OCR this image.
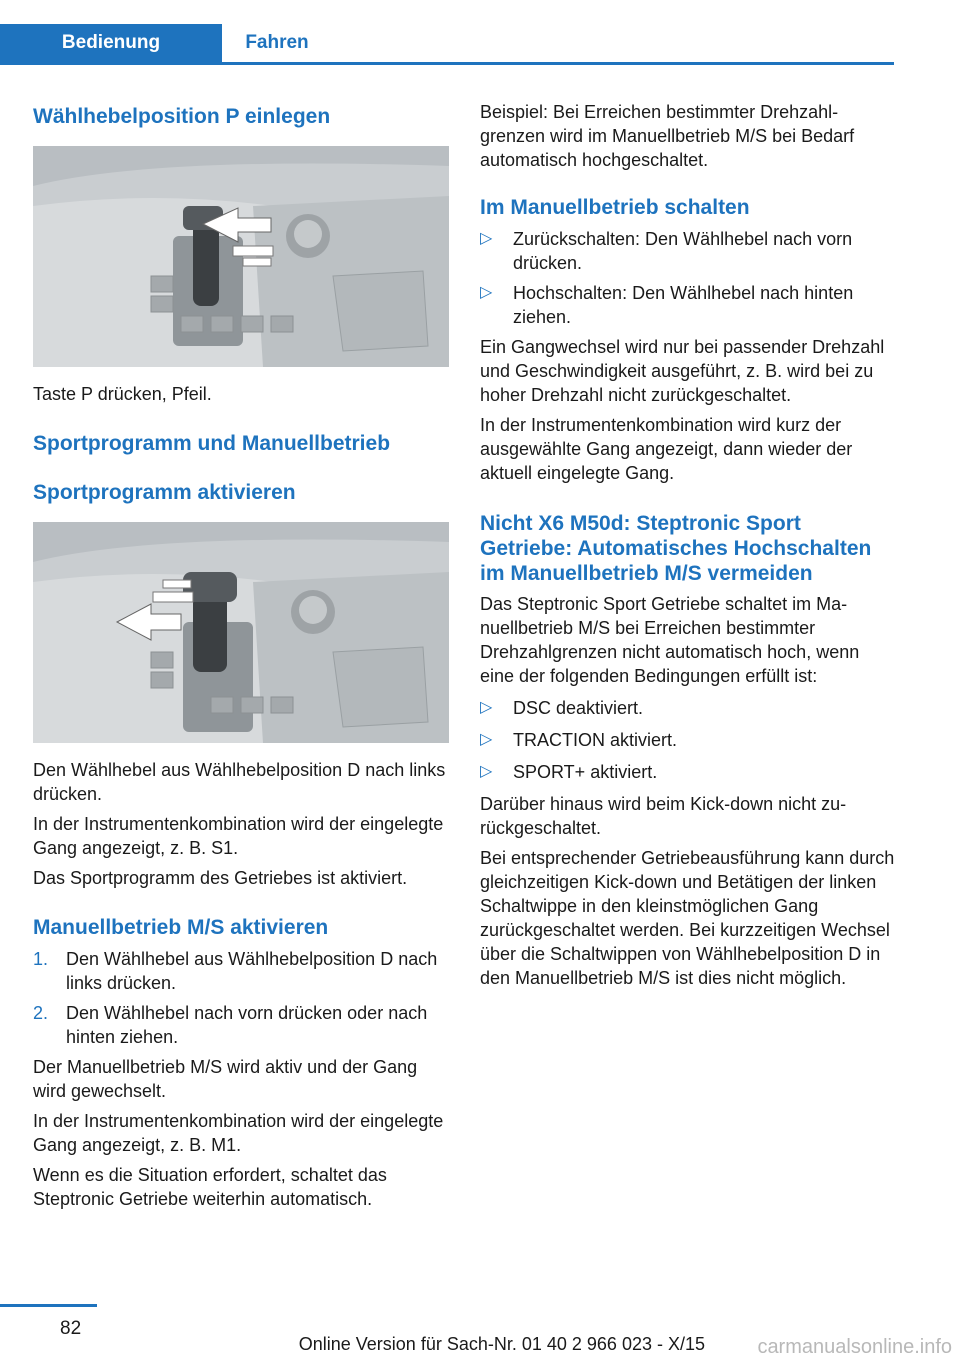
Bedienung	Fahren
Wählhebelposition P einlegen

Taste P drücken, Pfeil.

Sportprogramm und Manuellbetrieb
Sportprogramm aktivieren

Den Wählhebel aus Wählhebelposition D nach links drücken.

In der Instrumentenkombination wird der eingelegte Gang angezeigt, z. B. S1.

Das Sportprogramm des Getriebes ist aktiviert.

Manuellbetrieb M/S aktivieren
1. Den Wählhebel aus Wählhebelposition D nach links drücken.
2. Den Wählhebel nach vorn drücken oder nach hinten ziehen.

Der Manuellbetrieb M/S wird aktiv und der Gang wird gewechselt.

In der Instrumentenkombination wird der eingelegte Gang angezeigt, z. B. M1.

Wenn es die Situation erfordert, schaltet das Steptronic Getriebe weiterhin automatisch.

Beispiel: Bei Erreichen bestimmter Drehzahlgrenzen wird im Manuellbetrieb M/S bei Bedarf automatisch hochgeschaltet.

Im Manuellbetrieb schalten
▷ Zurückschalten: Den Wählhebel nach vorn drücken.
▷ Hochschalten: Den Wählhebel nach hinten ziehen.

Ein Gangwechsel wird nur bei passender Drehzahl und Geschwindigkeit ausgeführt, z. B. wird bei zu hoher Drehzahl nicht zurückgeschaltet.

In der Instrumentenkombination wird kurz der ausgewählte Gang angezeigt, dann wieder der aktuell eingelegte Gang.

Nicht X6 M50d: Steptronic Sport Getriebe: Automatisches Hochschalten im Manuellbetrieb M/S vermeiden

Das Steptronic Sport Getriebe schaltet im Manuellbetrieb M/S bei Erreichen bestimmter Drehzahlgrenzen nicht automatisch hoch, wenn eine der folgenden Bedingungen erfüllt ist:

▷ DSC deaktiviert.
▷ TRACTION aktiviert.
▷ SPORT+ aktiviert.

Darüber hinaus wird beim Kick-down nicht zurückgeschaltet.

Bei entsprechender Getriebeausführung kann durch gleichzeitigen Kick-down und Betätigen der linken Schaltwippe in den kleinstmöglichen Gang zurückgeschaltet werden. Bei kurzzeitigen Wechsel über die Schaltwippen von Wählhebelposition D in den Manuellbetrieb M/S ist dies nicht möglich.

82
Online Version für Sach-Nr. 01 40 2 966 023 - X/15	carmanualsonline.info
